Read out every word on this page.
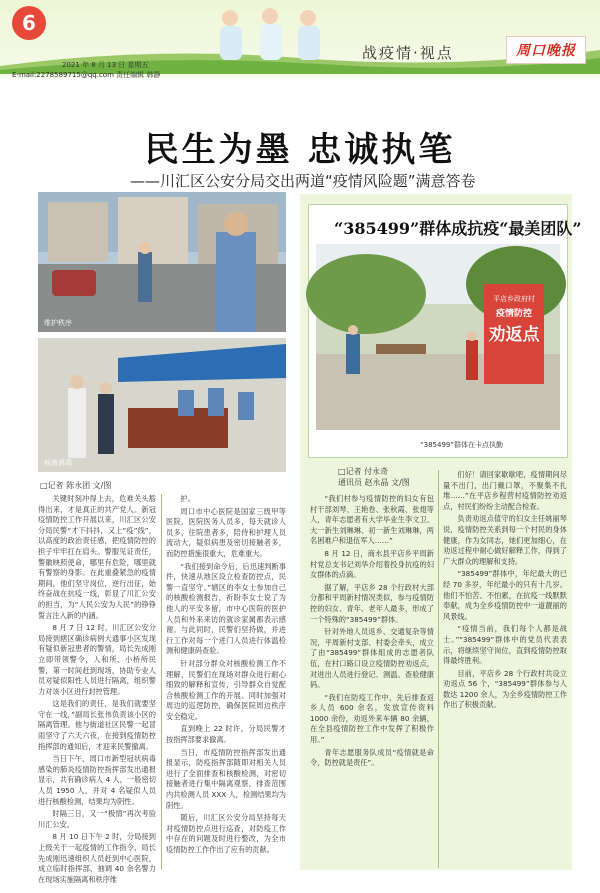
6
2021 年 8 月 13 日 星期五
E-mail:2278589715@qq.com 责任编辑 韩静
战疫情·视点	周口晚报
民生为墨 忠诚执笔
——川汇区公安分局交出两道“疫情风险题”满意答卷
维护秩序
检查消毒
“385499”群体成抗疫“最美团队”
平店乡政府村
疫情防控
劝返点
“385499”群体在卡点执勤
□记者 陈永团 文/图
□记者 付永奇
通讯员 赵永晶 文/图

关键时刻冲得上去，危难关头豁得出来，才是真正的共产党人。新冠疫情防控工作开展以来，川汇区公安分局民警“才下抖抖，又上“疫”线”，以高度的政治责任感，把疫情防控的担子牢牢扛在肩头。警服见证责任，警徽映照使命，哪里有危险，哪里就有警察的身影。在此重叠紧急的疫情期间，他们坚守岗位，逆行出征，始终奋战在抗疫一线，彰显了川汇公安的担当，为“人民公安为人民”的铮铮誓言注入新的内涵。

8 月 7 日 12 时，川汇区公安分局接到辖区确诊病例大通事小区发现有疑似新冠患者的警情，局长先成刚立即带领警令，人和所、小桥所民警，第一时间赶到现场，协助专业人员对疑似阳性人员进行隔离，组织警力对该小区进行封控管理。

这是我们的责任，是我们就要坚守在一线，”副局长张伟负责该小区的隔离管理。他与街道社区民警一起冒雨坚守了六天六夜，在接到疫情防控指挥部的通知后，才迎来民警撤离。

当日下午，周口市新型冠状病毒感染的肺炎疫情防控指挥部发出通报显示，共有确诊病人 4 人，一般密切人员 1950 人，并对 4 名疑似人员进行核酸检测，结果均为阴性。

时隔三日，又一“极情”再次考验川汇公安。

8 月 10 日下午 2 时，分局接到上级关于一起疫情的工作指令，局长先成刚迅速组织人员赶到中心医院，成立临时指挥部，抽调 40 余名警力在现场实施隔离和秩序维

护。

周口市中心医院是国家三级甲等医院，医院医务人员多，每天就诊人员多，住院患者多，陪侍和护理人员流动大，疑似病患及密切接触者多，而防控措施很重大，危难重大。

“我们接到命令后，后迅速判断事件，快速从地区设立检查防控点，民警一直坚守。”辖区的李女士参加自己的核酸检测报告，祈盼李女士说了为他人的平安多留，市中心医院的医护人员和外来来访的就诊家属都表示感谢。与此同时，民警们坚持做，并进行工作对每一个进门人员进行体温检测和健康码查验。

针对部分群众对核酸检测工作不理解，民警们在现场对群众进行耐心细致的解释和宣传，引导群众自觉配合核酸检测工作的开展。同时加强对周边的巡逻防控，确保医院周边秩序安全稳定。

直到晚上 22 时许，分局民警才按指挥部要求撤离。

当日，市疫情防控指挥部发出通报显示，防疫指挥部随即对相关人员进行了全面排查和核酸检测，对密切接触者进行集中隔离观察，排查范围内共检测人员 XXX 人，检测结果均为阴性。

随后，川汇区公安分局坚持每天对疫情防控点进行巡查，对防疫工作中存在的问题及时进行整改，为全市疫情防控工作作出了应有的贡献。

“我们村参与疫情防控的妇女有包村干部刘琴、王艳卷、张秋霞、张翅等人，青年志愿者有大学毕业生李文卫、大一新生刘琳琳、初一新生刘琳琳，两名困难户和退伍军人……”

8 月 12 日，商水县平店乡平周新村党总支书记刘华介绍着投身抗疫的妇女群体的点滴。

据了解，平店乡 28 个行政村大部分都和平周新村情况类似，参与疫情防控的妇女、青年、老年人最多，形成了一个特殊的“385499”群体。

针对外地人员返乡、交通复杂等情况，平周新村支部、村委会牵头，成立了由“385499”群体组成的志愿者队伍，在村口路口设立疫情防控劝返点，对进出人员进行登记、测温、查验健康码。

“我们在防疫工作中，先后排查返乡人员 600 余名，发放宣传资料 1000 余份，劝返外来车辆 80 余辆，在全县疫情防控工作中发挥了积极作用。”

青年志愿服务队成员“疫情就是命令，防控就是责任”。

们好！请回家歇歇吧，疫情期间尽量不出门，出门戴口罩，不聚集不扎堆……”在平店乡程营村疫情防控劝返点，村民们纷纷主动配合检查。

负责劝返点值守的妇女主任姚丽琴说，疫情防控关系到每一个村民的身体健康，作为女同志，她们更加细心，在劝返过程中耐心做好解释工作，得到了广大群众的理解和支持。

“385499”群体中，年纪最大的已经 70 多岁，年纪最小的只有十几岁。他们不怕苦、不怕累，在抗疫一线默默奉献，成为全乡疫情防控中一道靓丽的风景线。

“疫情当前，我们每个人都是战士。”“385499”群体中的党员代表表示，将继续坚守岗位，直到疫情防控取得最终胜利。

目前，平店乡 28 个行政村共设立劝返点 56 个，“385499”群体参与人数达 1200 余人，为全乡疫情防控工作作出了积极贡献。
